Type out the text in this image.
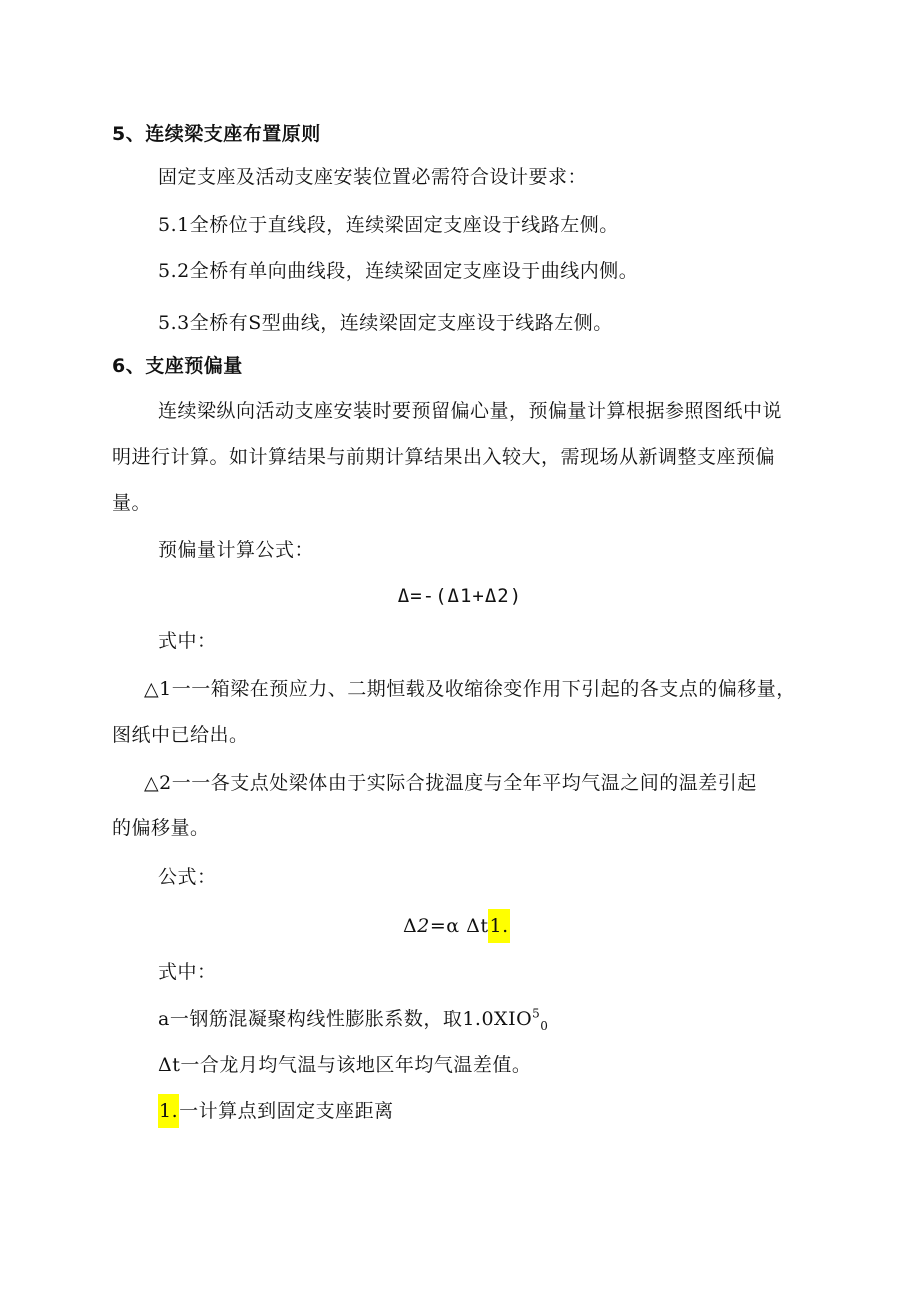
5、连续梁支座布置原则
固定支座及活动支座安装位置必需符合设计要求：
5.1全桥位于直线段，连续梁固定支座设于线路左侧。
5.2全桥有单向曲线段，连续梁固定支座设于曲线内侧。
5.3全桥有S型曲线，连续梁固定支座设于线路左侧。
6、支座预偏量
连续梁纵向活动支座安装时要预留偏心量，预偏量计算根据参照图纸中说
明进行计算。如计算结果与前期计算结果出入较大，需现场从新调整支座预偏
量。
预偏量计算公式：
Δ=-(Δ1+Δ2)
式中：
△1一一箱梁在预应力、二期恒载及收缩徐变作用下引起的各支点的偏移量，
图纸中已给出。
△2一一各支点处梁体由于实际合拢温度与全年平均气温之间的温差引起
的偏移量。
公式：
Δ2=α Δt1.
式中：
a一钢筋混凝聚构线性膨胀系数，取$1.0XIO^5_0$
Δt一合龙月均气温与该地区年均气温差值。
1.一计算点到固定支座距离
